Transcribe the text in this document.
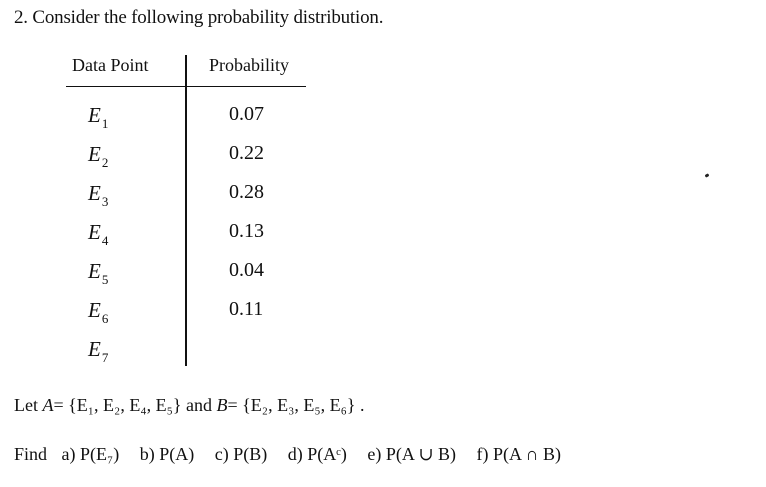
2. Consider the following probability distribution.
Data Point	Probability
$E_1$	0.07
$E_2$	0.22
$E_3$	0.28
$E_4$	0.13
$E_5$	0.04
$E_6$	0.11
$E_7$
Let A= {E₁, E₂, E₄, E₅} and B= {E₂, E₃, E₅, E₆} .
Find a) P(E₇) b) P(A) c) P(B) d) P(Aᶜ) e) P(A ∪ B) f) P(A ∩ B)
